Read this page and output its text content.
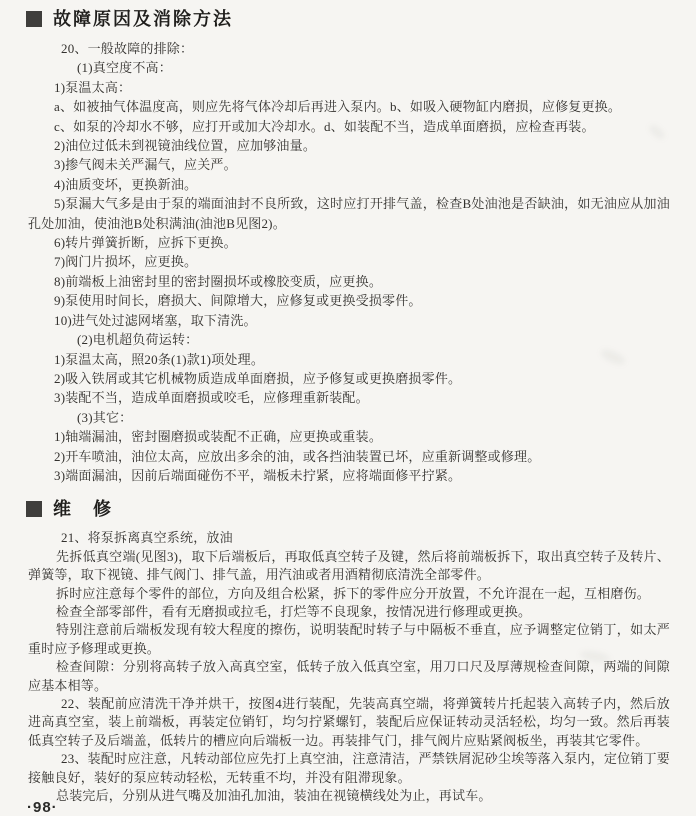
故障原因及消除方法

20、一般故障的排除：

(1)真空度不高：

1)泵温太高：

a、如被抽气体温度高，则应先将气体冷却后再进入泵内。b、如吸入硬物缸内磨损，应修复更换。

c、如泵的冷却水不够，应打开或加大冷却水。d、如装配不当，造成单面磨损，应检查再装。

2)油位过低未到视镜油线位置，应加够油量。

3)掺气阀未关严漏气，应关严。

4)油质变坏，更换新油。

5)泵漏大气多是由于泵的端面油封不良所致，这时应打开排气盖，检查B处油池是否缺油，如无油应从加油孔处加油，使油池B处积满油(油池B见图2)。

6)转片弹簧折断，应拆下更换。

7)阀门片损坏，应更换。

8)前端板上油密封里的密封圈损坏或橡胶变质，应更换。

9)泵使用时间长，磨损大、间隙增大，应修复或更换受损零件。

10)进气处过滤网堵塞，取下清洗。

(2)电机超负荷运转：

1)泵温太高，照20条(1)款1)项处理。

2)吸入铁屑或其它机械物质造成单面磨损，应予修复或更换磨损零件。

3)装配不当，造成单面磨损或咬毛，应修理重新装配。

(3)其它：

1)轴端漏油，密封圈磨损或装配不正确，应更换或重装。

2)开车喷油，油位太高，应放出多余的油，或各挡油装置已坏，应重新调整或修理。

3)端面漏油，因前后端面碰伤不平，端板未拧紧，应将端面修平拧紧。

维　修

21、将泵拆离真空系统，放油

先拆低真空端(见图3)，取下后端板后，再取低真空转子及键，然后将前端板拆下，取出真空转子及转片、弹簧等，取下视镜、排气阀门、排气盖，用汽油或者用酒精彻底清洗全部零件。

拆时应注意每个零件的部位，方向及组合松紧，拆下的零件应分开放置，不允许混在一起，互相磨伤。

检查全部零部件，看有无磨损或拉毛，打烂等不良现象，按情况进行修理或更换。

特别注意前后端板发现有较大程度的擦伤，说明装配时转子与中隔板不垂直，应予调整定位销丁，如太严重时应予修理或更换。

检查间隙：分别将高转子放入高真空室，低转子放入低真空室，用刀口尺及厚薄规检查间隙，两端的间隙应基本相等。

22、装配前应清洗干净并烘干，按图4进行装配，先装高真空端，将弹簧转片托起装入高转子内，然后放进高真空室，装上前端板，再装定位销钉，均匀拧紧螺钉，装配后应保证转动灵活轻松，均匀一致。然后再装低真空转子及后端盖，低转片的槽应向后端板一边。再装排气门，排气阀片应贴紧阀板坐，再装其它零件。

23、装配时应注意，凡转动部位应先打上真空油，注意清洁，严禁铁屑泥砂尘埃等落入泵内，定位销丁要接触良好，装好的泵应转动轻松，无转重不均，并没有阻滞现象。

总装完后，分别从进气嘴及加油孔加油，装油在视镜横线处为止，再试车。

·98·
